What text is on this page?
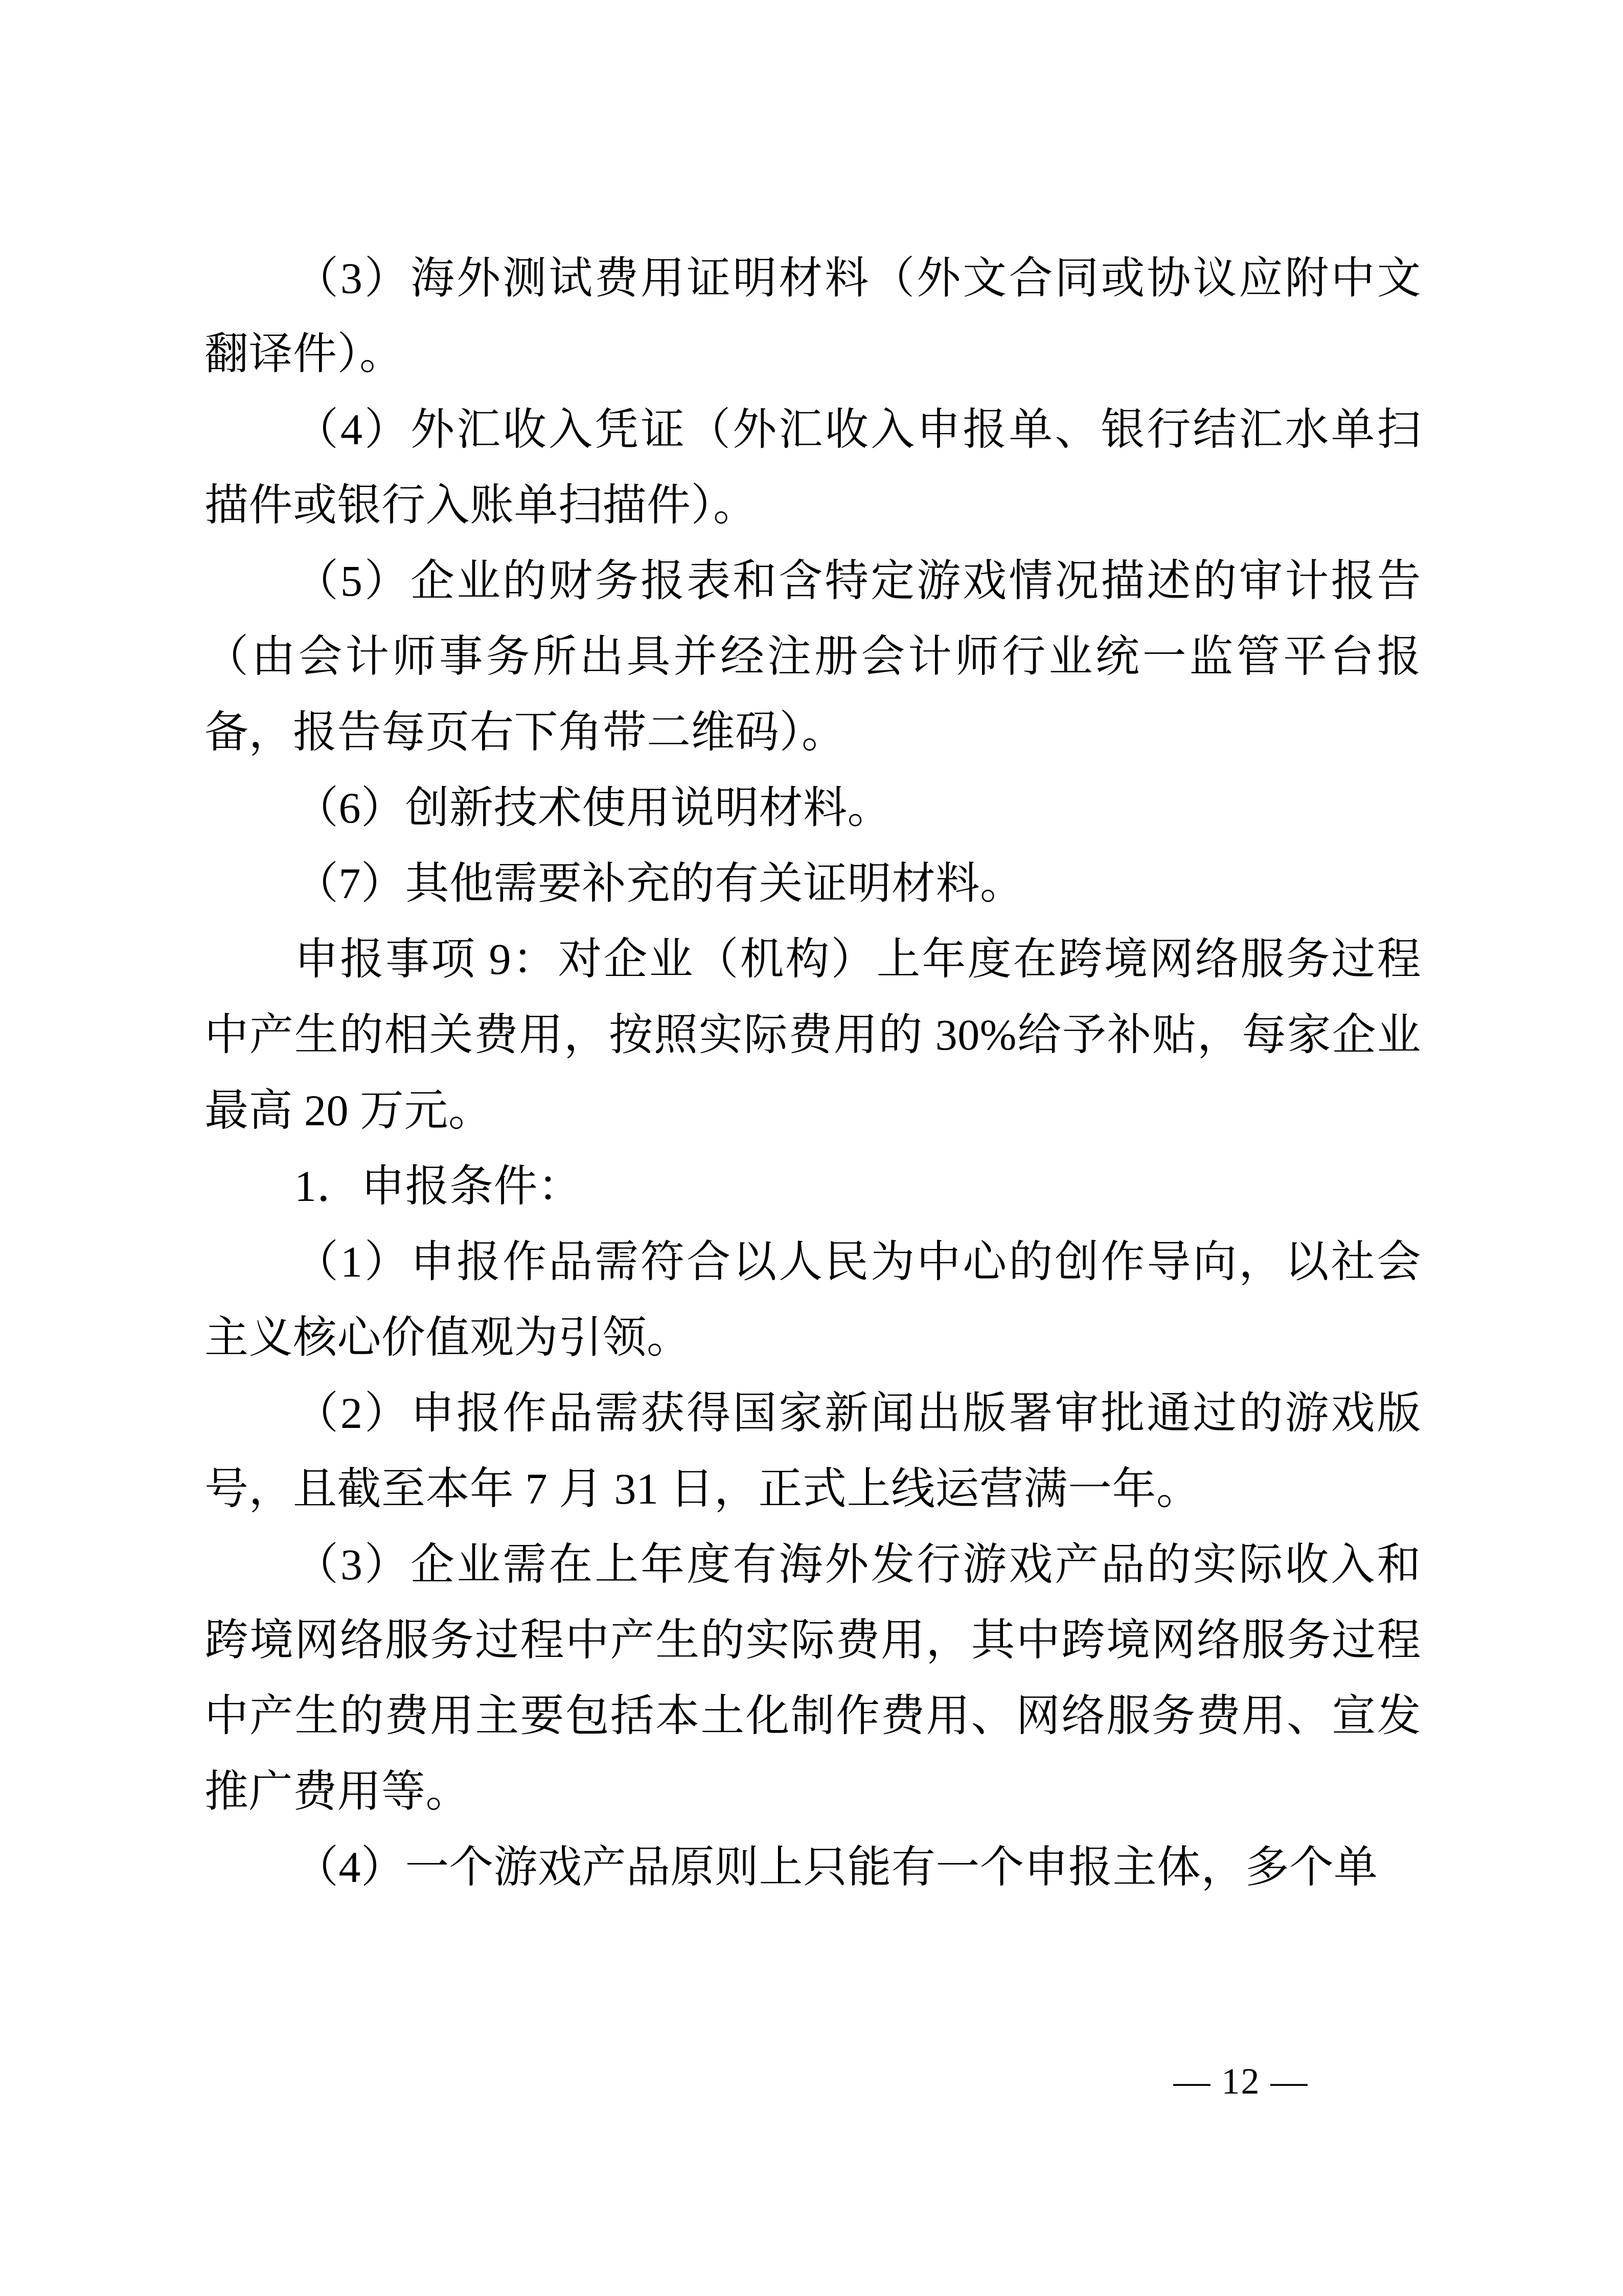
（3）海外测试费用证明材料（外文合同或协议应附中文翻译件）。

（4）外汇收入凭证（外汇收入申报单、银行结汇水单扫描件或银行入账单扫描件）。

（5）企业的财务报表和含特定游戏情况描述的审计报告（由会计师事务所出具并经注册会计师行业统一监管平台报备，报告每页右下角带二维码）。

（6）创新技术使用说明材料。

（7）其他需要补充的有关证明材料。

申报事项 9：对企业（机构）上年度在跨境网络服务过程中产生的相关费用，按照实际费用的 30%给予补贴，每家企业最高 20 万元。

1．申报条件：

（1）申报作品需符合以人民为中心的创作导向，以社会主义核心价值观为引领。

（2）申报作品需获得国家新闻出版署审批通过的游戏版号，且截至本年 7 月 31 日，正式上线运营满一年。

（3）企业需在上年度有海外发行游戏产品的实际收入和跨境网络服务过程中产生的实际费用，其中跨境网络服务过程中产生的费用主要包括本土化制作费用、网络服务费用、宣发推广费用等。

（4）一个游戏产品原则上只能有一个申报主体，多个单

— 12 —
